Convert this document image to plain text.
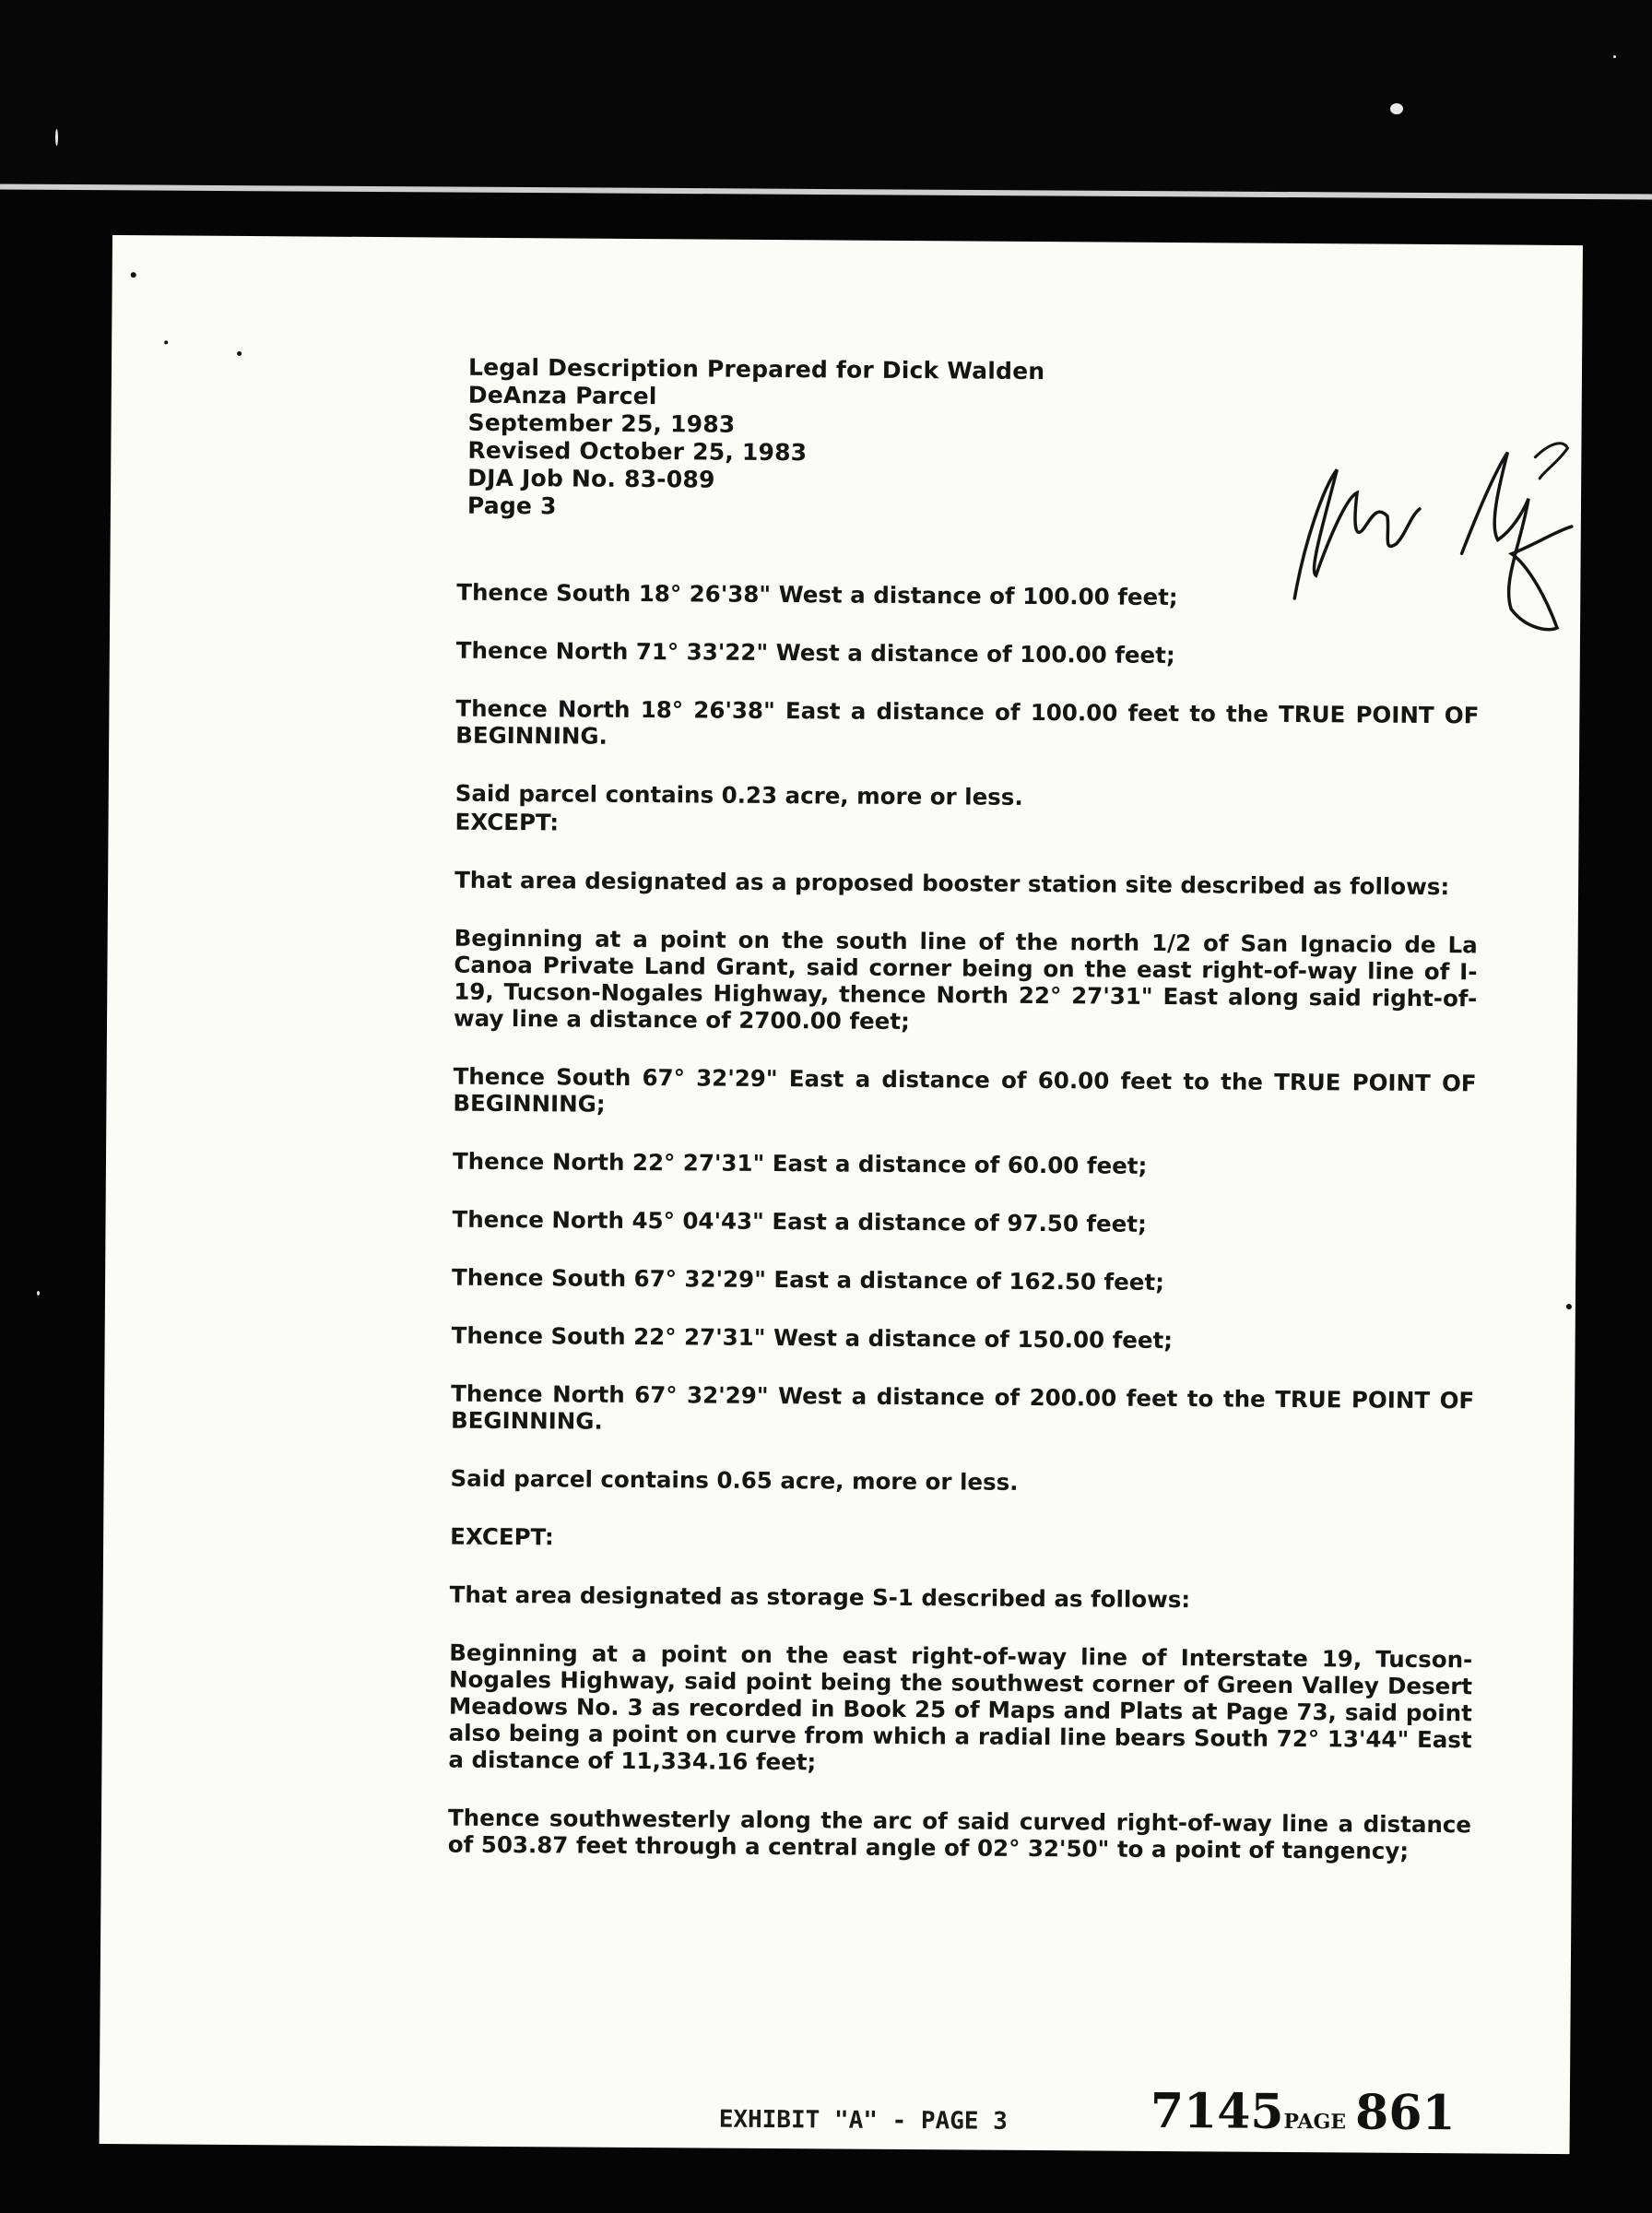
Legal Description Prepared for Dick Walden
DeAnza Parcel
September 25, 1983
Revised October 25, 1983
DJA Job No. 83-089
Page 3

Thence South 18° 26'38" West a distance of 100.00 feet;

Thence North 71° 33'22" West a distance of 100.00 feet;

Thence North 18° 26'38" East a distance of 100.00 feet to the TRUE POINT OF BEGINNING.

Said parcel contains 0.23 acre, more or less.

EXCEPT:

That area designated as a proposed booster station site described as follows:

Beginning at a point on the south line of the north 1/2 of San Ignacio de La Canoa Private Land Grant, said corner being on the east right-of-way line of I-19, Tucson-Nogales Highway, thence North 22° 27'31" East along said right-of-way line a distance of 2700.00 feet;

Thence South 67° 32'29" East a distance of 60.00 feet to the TRUE POINT OF BEGINNING;

Thence North 22° 27'31" East a distance of 60.00 feet;

Thence North 45° 04'43" East a distance of 97.50 feet;

Thence South 67° 32'29" East a distance of 162.50 feet;

Thence South 22° 27'31" West a distance of 150.00 feet;

Thence North 67° 32'29" West a distance of 200.00 feet to the TRUE POINT OF BEGINNING.

Said parcel contains 0.65 acre, more or less.

EXCEPT:

That area designated as storage S-1 described as follows:

Beginning at a point on the east right-of-way line of Interstate 19, Tucson-Nogales Highway, said point being the southwest corner of Green Valley Desert Meadows No. 3 as recorded in Book 25 of Maps and Plats at Page 73, said point also being a point on curve from which a radial line bears South 72° 13'44" East a distance of 11,334.16 feet;

Thence southwesterly along the arc of said curved right-of-way line a distance of 503.87 feet through a central angle of 02° 32'50" to a point of tangency;

EXHIBIT "A" - PAGE 3	7145PAGE 861
